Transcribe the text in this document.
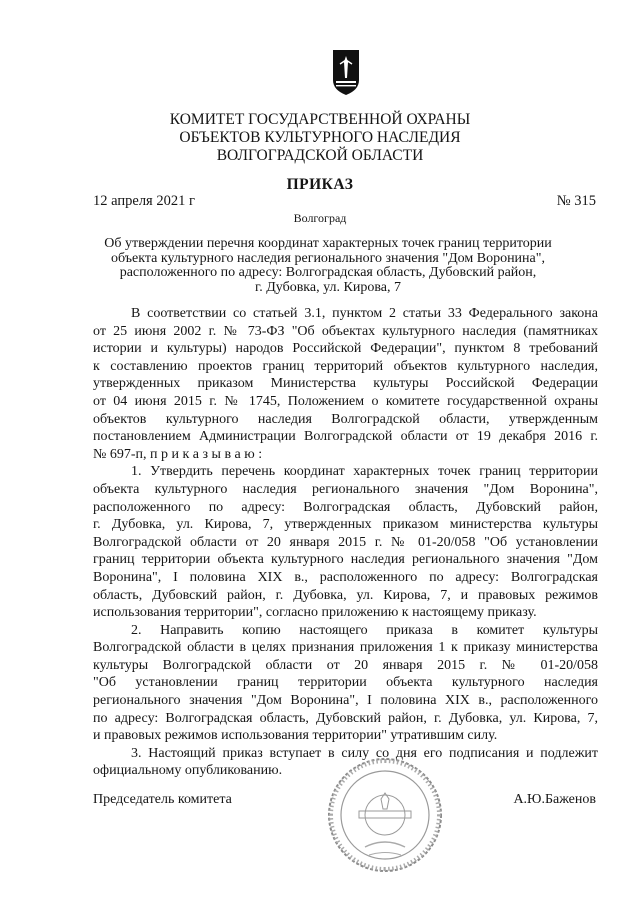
КОМИТЕТ ГОСУДАРСТВЕННОЙ ОХРАНЫ
ОБЪЕКТОВ КУЛЬТУРНОГО НАСЛЕДИЯ
ВОЛГОГРАДСКОЙ ОБЛАСТИ
ПРИКАЗ
12 апреля 2021 г	№ 315
Волгоград
Об утверждении перечня координат характерных точек границ территории
объекта культурного наследия регионального значения "Дом Воронина",
расположенного по адресу: Волгоградская область, Дубовский район,
г. Дубовка, ул. Кирова, 7
В соответствии со статьей 3.1, пунктом 2 статьи 33 Федерального закона
от 25 июня 2002 г. № 73-ФЗ "Об объектах культурного наследия (памятниках
истории и культуры) народов Российской Федерации", пунктом 8 требований
к составлению проектов границ территорий объектов культурного наследия,
утвержденных приказом Министерства культуры Российской Федерации
от 04 июня 2015 г. № 1745, Положением о комитете государственной охраны
объектов культурного наследия Волгоградской области, утвержденным
постановлением Администрации Волгоградской области от 19 декабря 2016 г.
№ 697-п, п р и к а з ы в а ю :
1. Утвердить перечень координат характерных точек границ территории
объекта культурного наследия регионального значения "Дом Воронина",
расположенного по адресу: Волгоградская область, Дубовский район,
г. Дубовка, ул. Кирова, 7, утвержденных приказом министерства культуры
Волгоградской области от 20 января 2015 г. № 01-20/058 "Об установлении
границ территории объекта культурного наследия регионального значения "Дом
Воронина", I половина XIX в., расположенного по адресу: Волгоградская
область, Дубовский район, г. Дубовка, ул. Кирова, 7, и правовых режимов
использования территории", согласно приложению к настоящему приказу.
2. Направить копию настоящего приказа в комитет культуры
Волгоградской области в целях признания приложения 1 к приказу министерства
культуры Волгоградской области от 20 января 2015 г. № 01-20/058
"Об установлении границ территории объекта культурного наследия
регионального значения "Дом Воронина", I половина XIX в., расположенного
по адресу: Волгоградская область, Дубовский район, г. Дубовка, ул. Кирова, 7,
и правовых режимов использования территории" утратившим силу.
3. Настоящий приказ вступает в силу со дня его подписания и подлежит
официальному опубликованию.
Председатель комитета	А.Ю.Баженов
